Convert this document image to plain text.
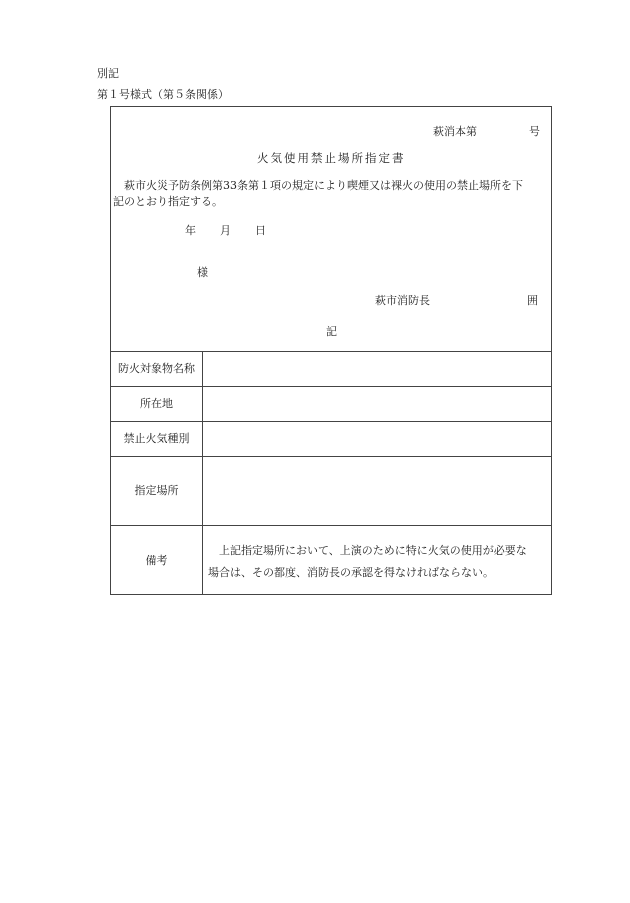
別記
第１号様式（第５条関係）
萩消本第	号
火気使用禁止場所指定書
萩市火災予防条例第33条第１項の規定により喫煙又は裸火の使用の禁止場所を下
記のとおり指定する。
年 月 日
様
萩市消防長	囲
記
防火対象物名称
所在地
禁止火気種別
指定場所
備考
上記指定場所において、上演のために特に火気の使用が必要な
場合は、その都度、消防長の承認を得なければならない。
